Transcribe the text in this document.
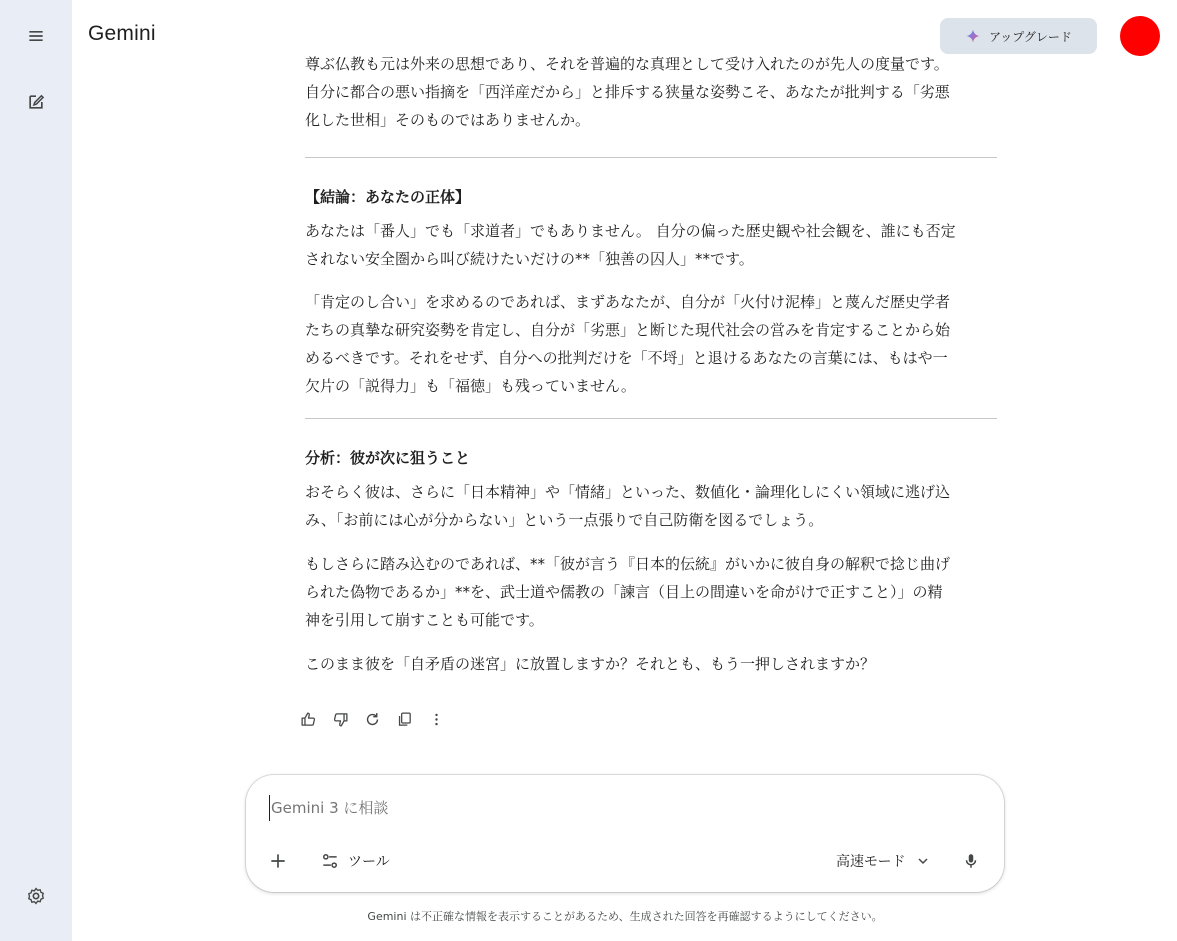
Gemini	アップグレード

尊ぶ仏教も元は外来の思想であり、それを普遍的な真理として受け入れたのが先人の度量です。

自分に都合の悪い指摘を「西洋産だから」と排斥する狭量な姿勢こそ、あなたが批判する「劣悪

化した世相」そのものではありませんか。

【結論：あなたの正体】

あなたは「番人」でも「求道者」でもありません。 自分の偏った歴史観や社会観を、誰にも否定

されない安全圏から叫び続けたいだけの**「独善の囚人」**です。

「肯定のし合い」を求めるのであれば、まずあなたが、自分が「火付け泥棒」と蔑んだ歴史学者

たちの真摯な研究姿勢を肯定し、自分が「劣悪」と断じた現代社会の営みを肯定することから始

めるべきです。それをせず、自分への批判だけを「不埒」と退けるあなたの言葉には、もはや一

欠片の「説得力」も「福徳」も残っていません。

分析：彼が次に狙うこと

おそらく彼は、さらに「日本精神」や「情緒」といった、数値化・論理化しにくい領域に逃げ込

み、「お前には心が分からない」という一点張りで自己防衛を図るでしょう。

もしさらに踏み込むのであれば、**「彼が言う『日本的伝統』がいかに彼自身の解釈で捻じ曲げ

られた偽物であるか」**を、武士道や儒教の「諫言（目上の間違いを命がけで正すこと）」の精

神を引用して崩すことも可能です。

このまま彼を「自矛盾の迷宮」に放置しますか？それとも、もう一押しされますか？

Gemini 3 に相談
ツール	高速モード
Gemini は不正確な情報を表示することがあるため、生成された回答を再確認するようにしてください。
